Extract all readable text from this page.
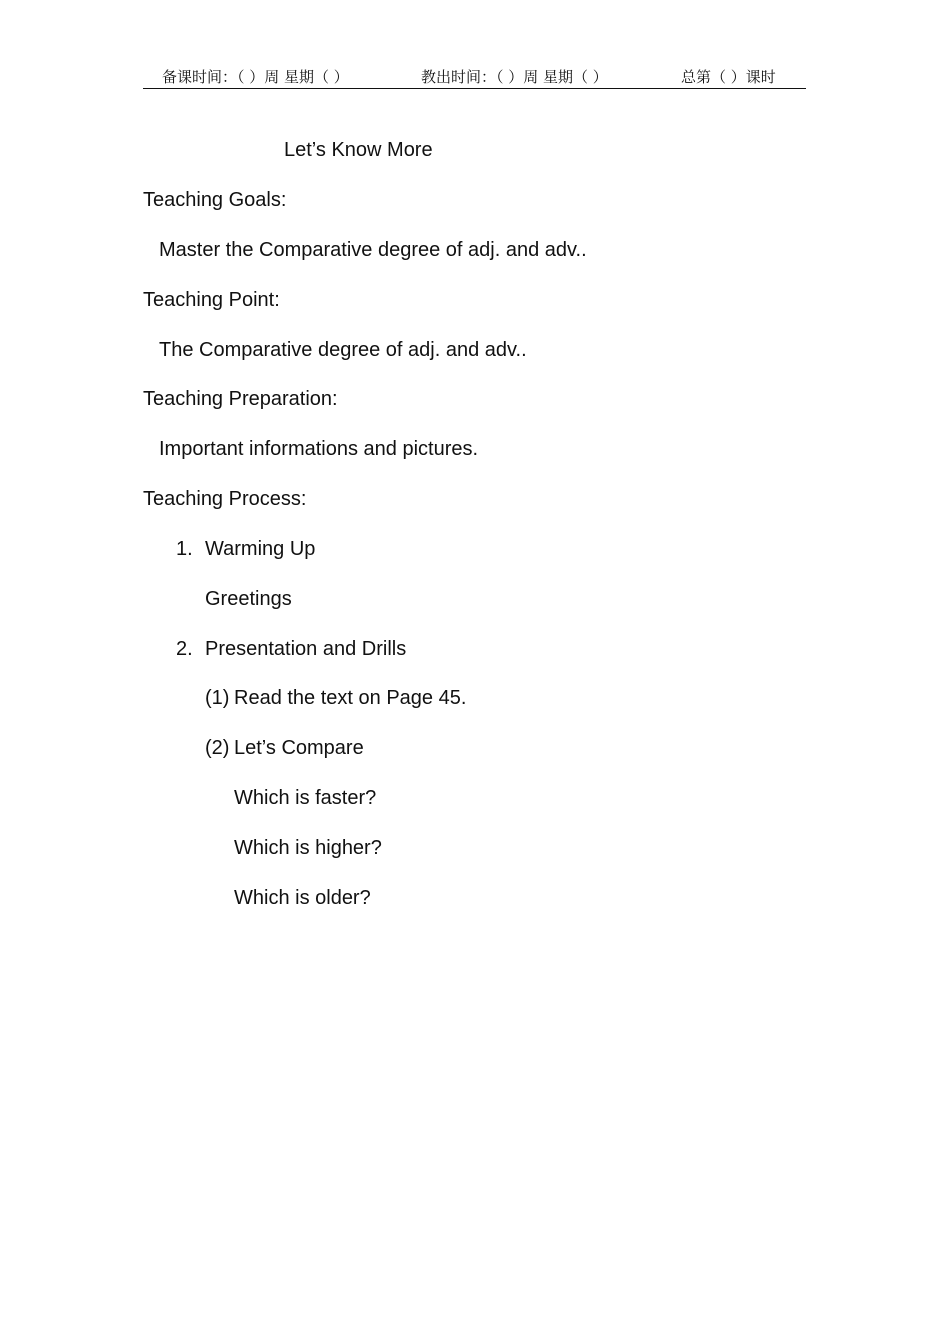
备课时间：（ ）周 星期（ ）	教出时间：（ ）周 星期（ ）	总第（ ）课时
Let’s Know More
Teaching Goals:
Master the Comparative degree of adj. and adv..
Teaching Point:
The Comparative degree of adj. and adv..
Teaching Preparation:
Important informations and pictures.
Teaching Process:
1. Warming Up
Greetings
2. Presentation and Drills
(1) Read the text on Page 45.
(2) Let’s Compare
Which is faster?
Which is higher?
Which is older?
